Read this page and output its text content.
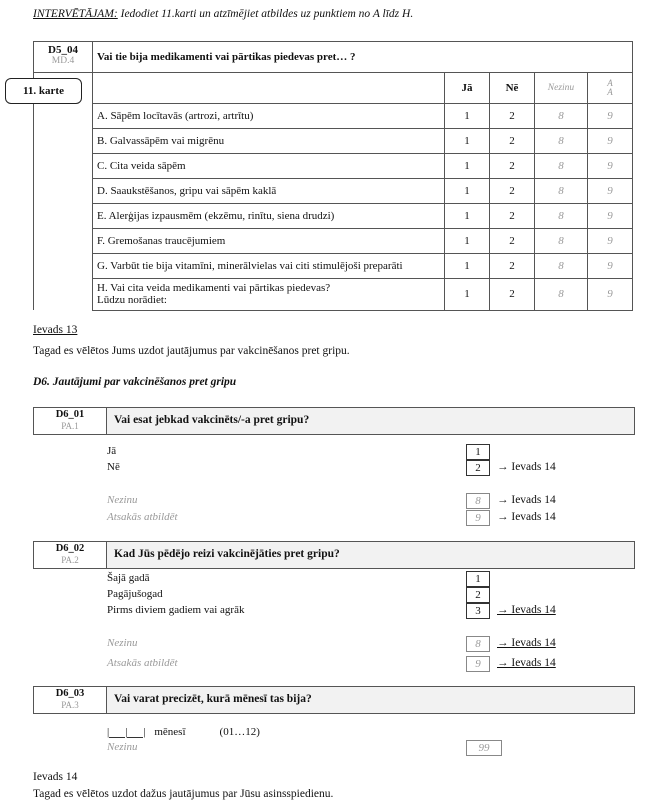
INTERVĒTĀJAM: Iedodiet 11.karti un atzīmējiet atbildes uz punktiem no A līdz H.
D5_04
MD.4	Vai tie bija medikamenti vai pārtikas piedevas pret… ?				
		Jā	Nē	Nezinu	A
A
	A. Sāpēm locītavās (artrozi, artrītu)	1	2	8	9
	B. Galvassāpēm vai migrēnu	1	2	8	9
	C. Cita veida sāpēm	1	2	8	9
	D. Saaukstēšanos, gripu vai sāpēm kaklā	1	2	8	9
	E. Alerģijas izpausmēm (ekzēmu, rinītu, siena drudzi)	1	2	8	9
	F. Gremošanas traucējumiem	1	2	8	9
	G. Varbūt tie bija vitamīni, minerālvielas vai citi stimulējoši preparāti	1	2	8	9
	H. Vai cita veida medikamenti vai pārtikas piedevas?
Lūdzu norādiet:	1	2	8	9
11. karte
Ievads 13
Tagad es vēlētos Jums uzdot jautājumus par vakcinēšanos pret gripu.
D6. Jautājumi par vakcinēšanos pret gripu
D6_01
PA.1	Vai esat jebkad vakcinēts/-a pret gripu?
Jā	1
Nē	2	→ Ievads 14
Nezinu	8	→ Ievads 14
Atsakās atbildēt	9	→ Ievads 14
D6_02
PA.2	Kad Jūs pēdējo reizi vakcinējāties pret gripu?
Šajā gadā	1
Pagājušogad	2
Pirms diviem gadiem vai agrāk	3	→ Ievads 14
Nezinu	8	→ Ievads 14
Atsakās atbildēt	9	→ Ievads 14
D6_03
PA.3	Vai varat precizēt, kurā mēnesī tas bija?
| | | mēnesī	(01…12)
Nezinu	99
Ievads 14
Tagad es vēlētos uzdot dažus jautājumus par Jūsu asinsspiedienu.
